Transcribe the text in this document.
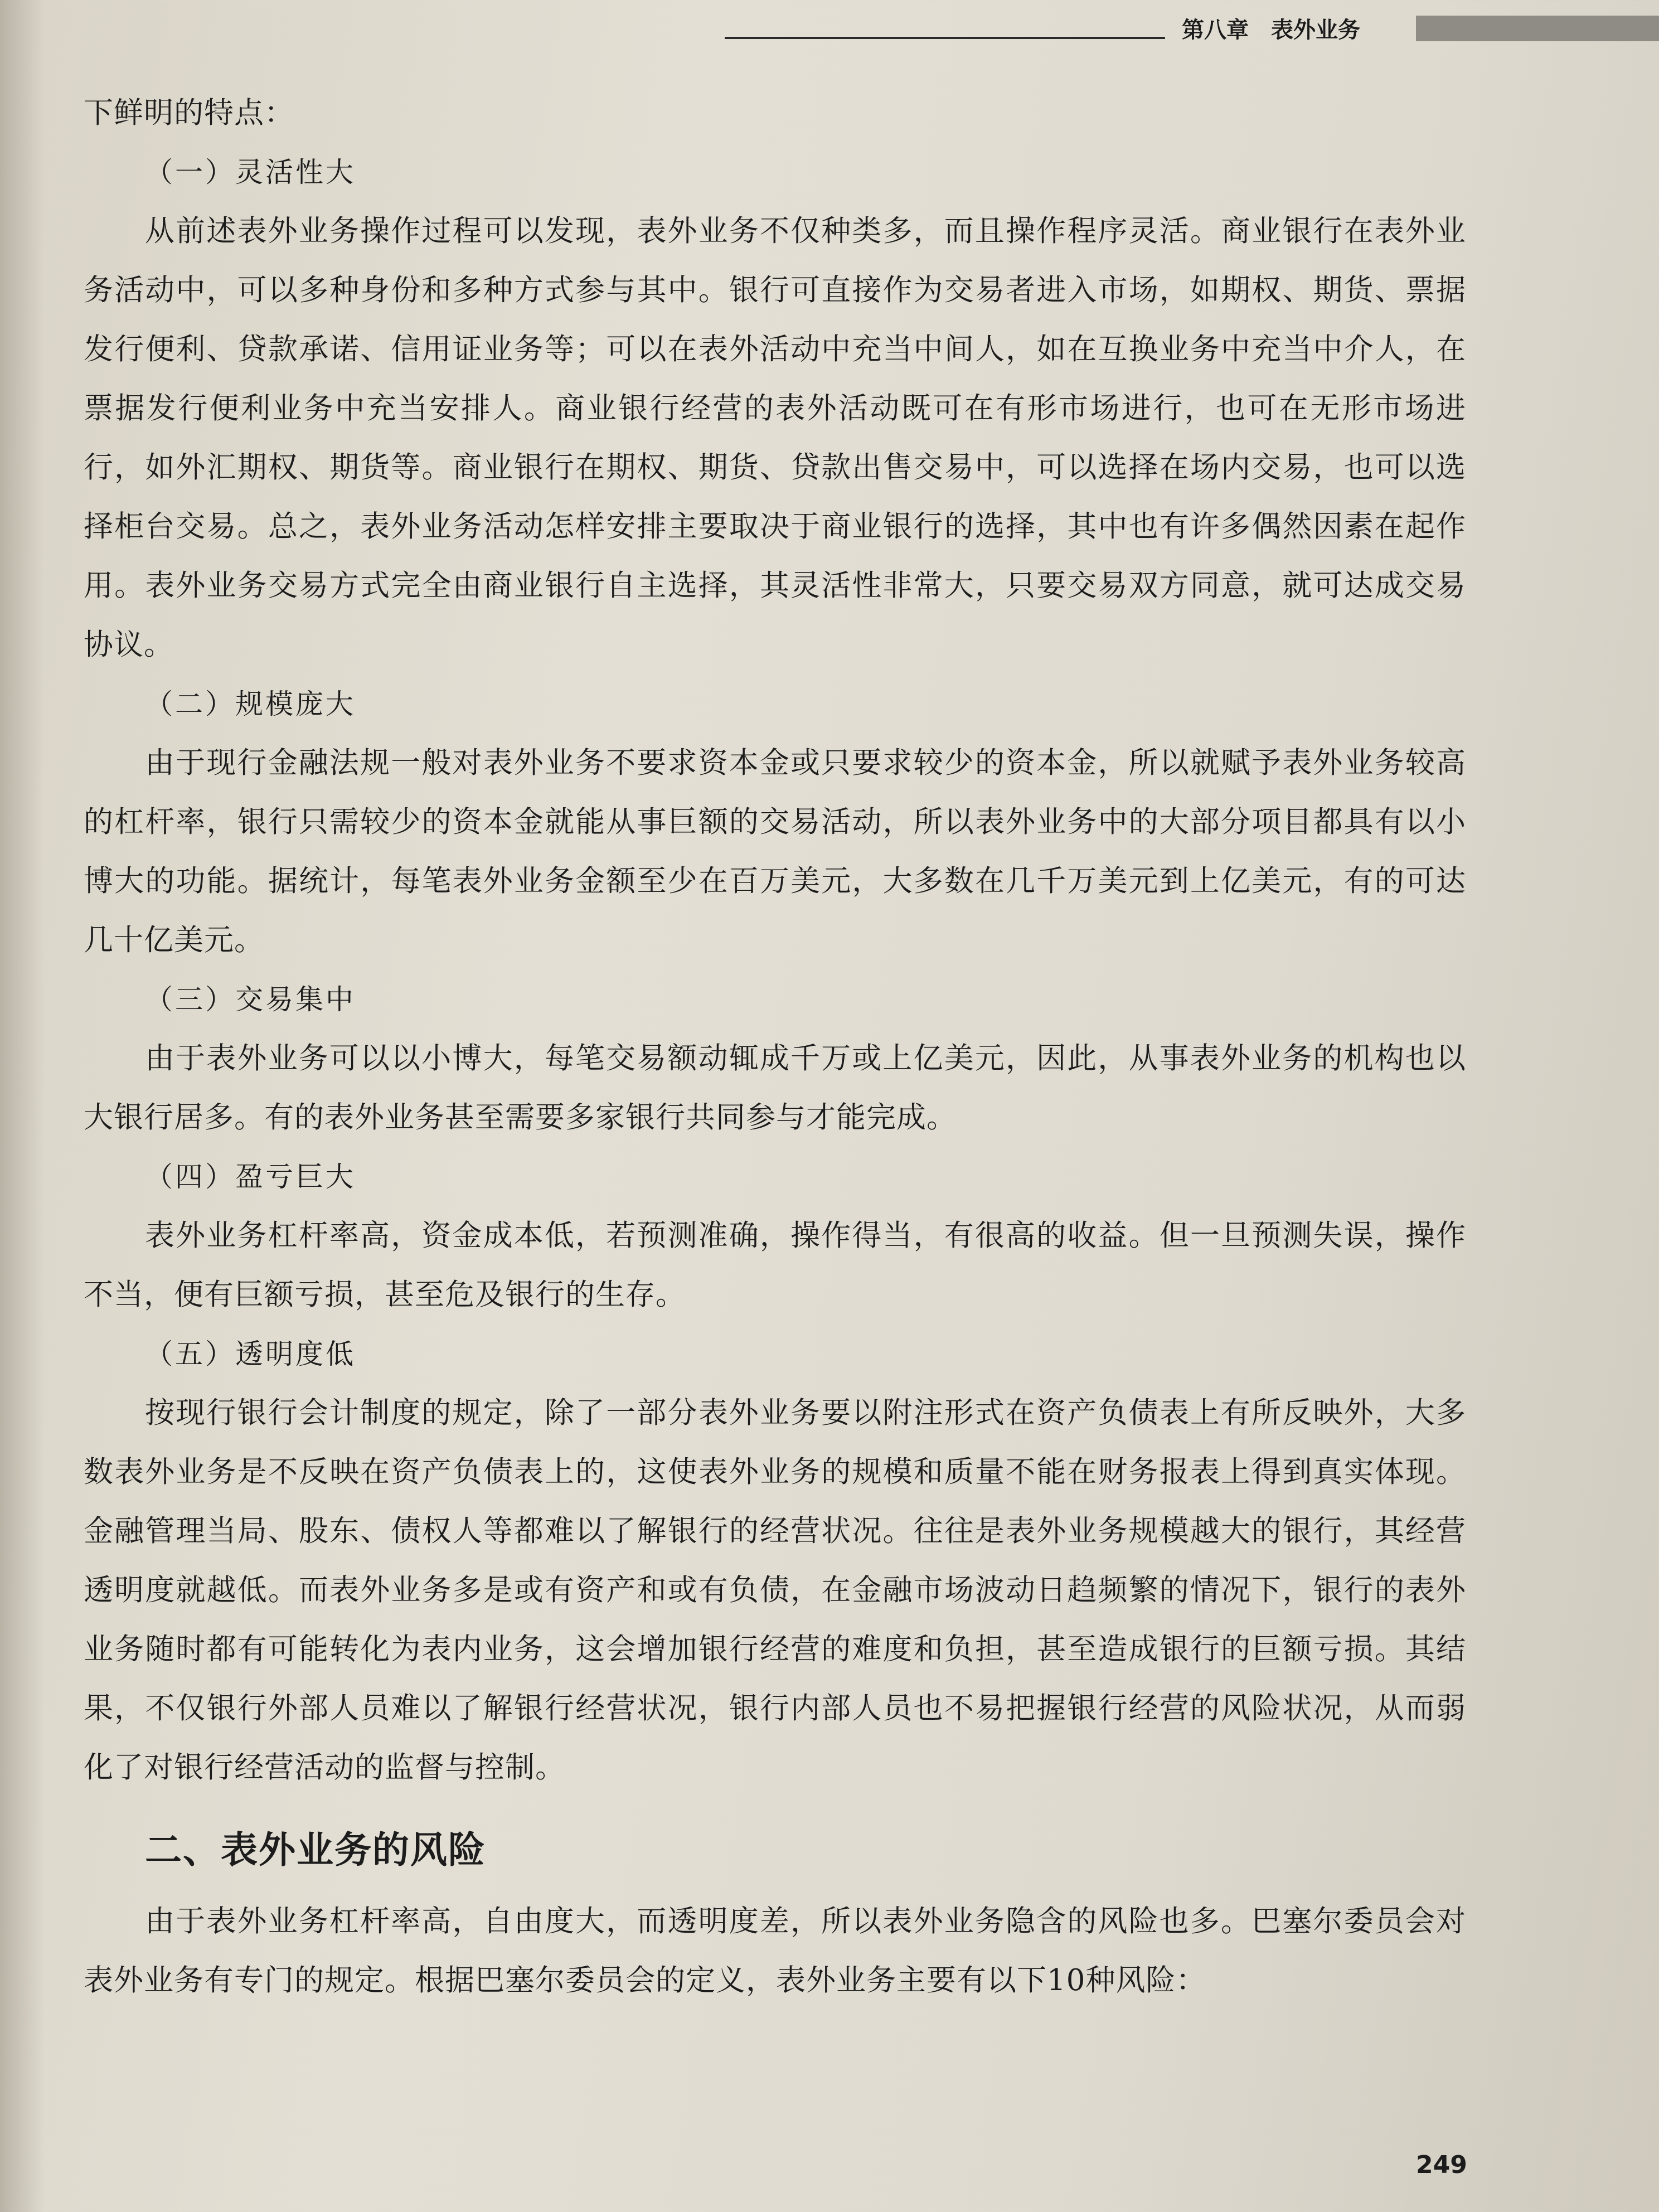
第八章　表外业务

下鲜明的特点：

（一）灵活性大

从前述表外业务操作过程可以发现，表外业务不仅种类多，而且操作程序灵活。商业银行在表外业务活动中，可以多种身份和多种方式参与其中。银行可直接作为交易者进入市场，如期权、期货、票据发行便利、贷款承诺、信用证业务等；可以在表外活动中充当中间人，如在互换业务中充当中介人，在票据发行便利业务中充当安排人。商业银行经营的表外活动既可在有形市场进行，也可在无形市场进行，如外汇期权、期货等。商业银行在期权、期货、贷款出售交易中，可以选择在场内交易，也可以选择柜台交易。总之，表外业务活动怎样安排主要取决于商业银行的选择，其中也有许多偶然因素在起作用。表外业务交易方式完全由商业银行自主选择，其灵活性非常大，只要交易双方同意，就可达成交易协议。

（二）规模庞大

由于现行金融法规一般对表外业务不要求资本金或只要求较少的资本金，所以就赋予表外业务较高的杠杆率，银行只需较少的资本金就能从事巨额的交易活动，所以表外业务中的大部分项目都具有以小博大的功能。据统计，每笔表外业务金额至少在百万美元，大多数在几千万美元到上亿美元，有的可达几十亿美元。

（三）交易集中

由于表外业务可以以小博大，每笔交易额动辄成千万或上亿美元，因此，从事表外业务的机构也以大银行居多。有的表外业务甚至需要多家银行共同参与才能完成。

（四）盈亏巨大

表外业务杠杆率高，资金成本低，若预测准确，操作得当，有很高的收益。但一旦预测失误，操作不当，便有巨额亏损，甚至危及银行的生存。

（五）透明度低

按现行银行会计制度的规定，除了一部分表外业务要以附注形式在资产负债表上有所反映外，大多数表外业务是不反映在资产负债表上的，这使表外业务的规模和质量不能在财务报表上得到真实体现。金融管理当局、股东、债权人等都难以了解银行的经营状况。往往是表外业务规模越大的银行，其经营透明度就越低。而表外业务多是或有资产和或有负债，在金融市场波动日趋频繁的情况下，银行的表外业务随时都有可能转化为表内业务，这会增加银行经营的难度和负担，甚至造成银行的巨额亏损。其结果，不仅银行外部人员难以了解银行经营状况，银行内部人员也不易把握银行经营的风险状况，从而弱化了对银行经营活动的监督与控制。

二、表外业务的风险

由于表外业务杠杆率高，自由度大，而透明度差，所以表外业务隐含的风险也多。巴塞尔委员会对表外业务有专门的规定。根据巴塞尔委员会的定义，表外业务主要有以下10种风险：

249
